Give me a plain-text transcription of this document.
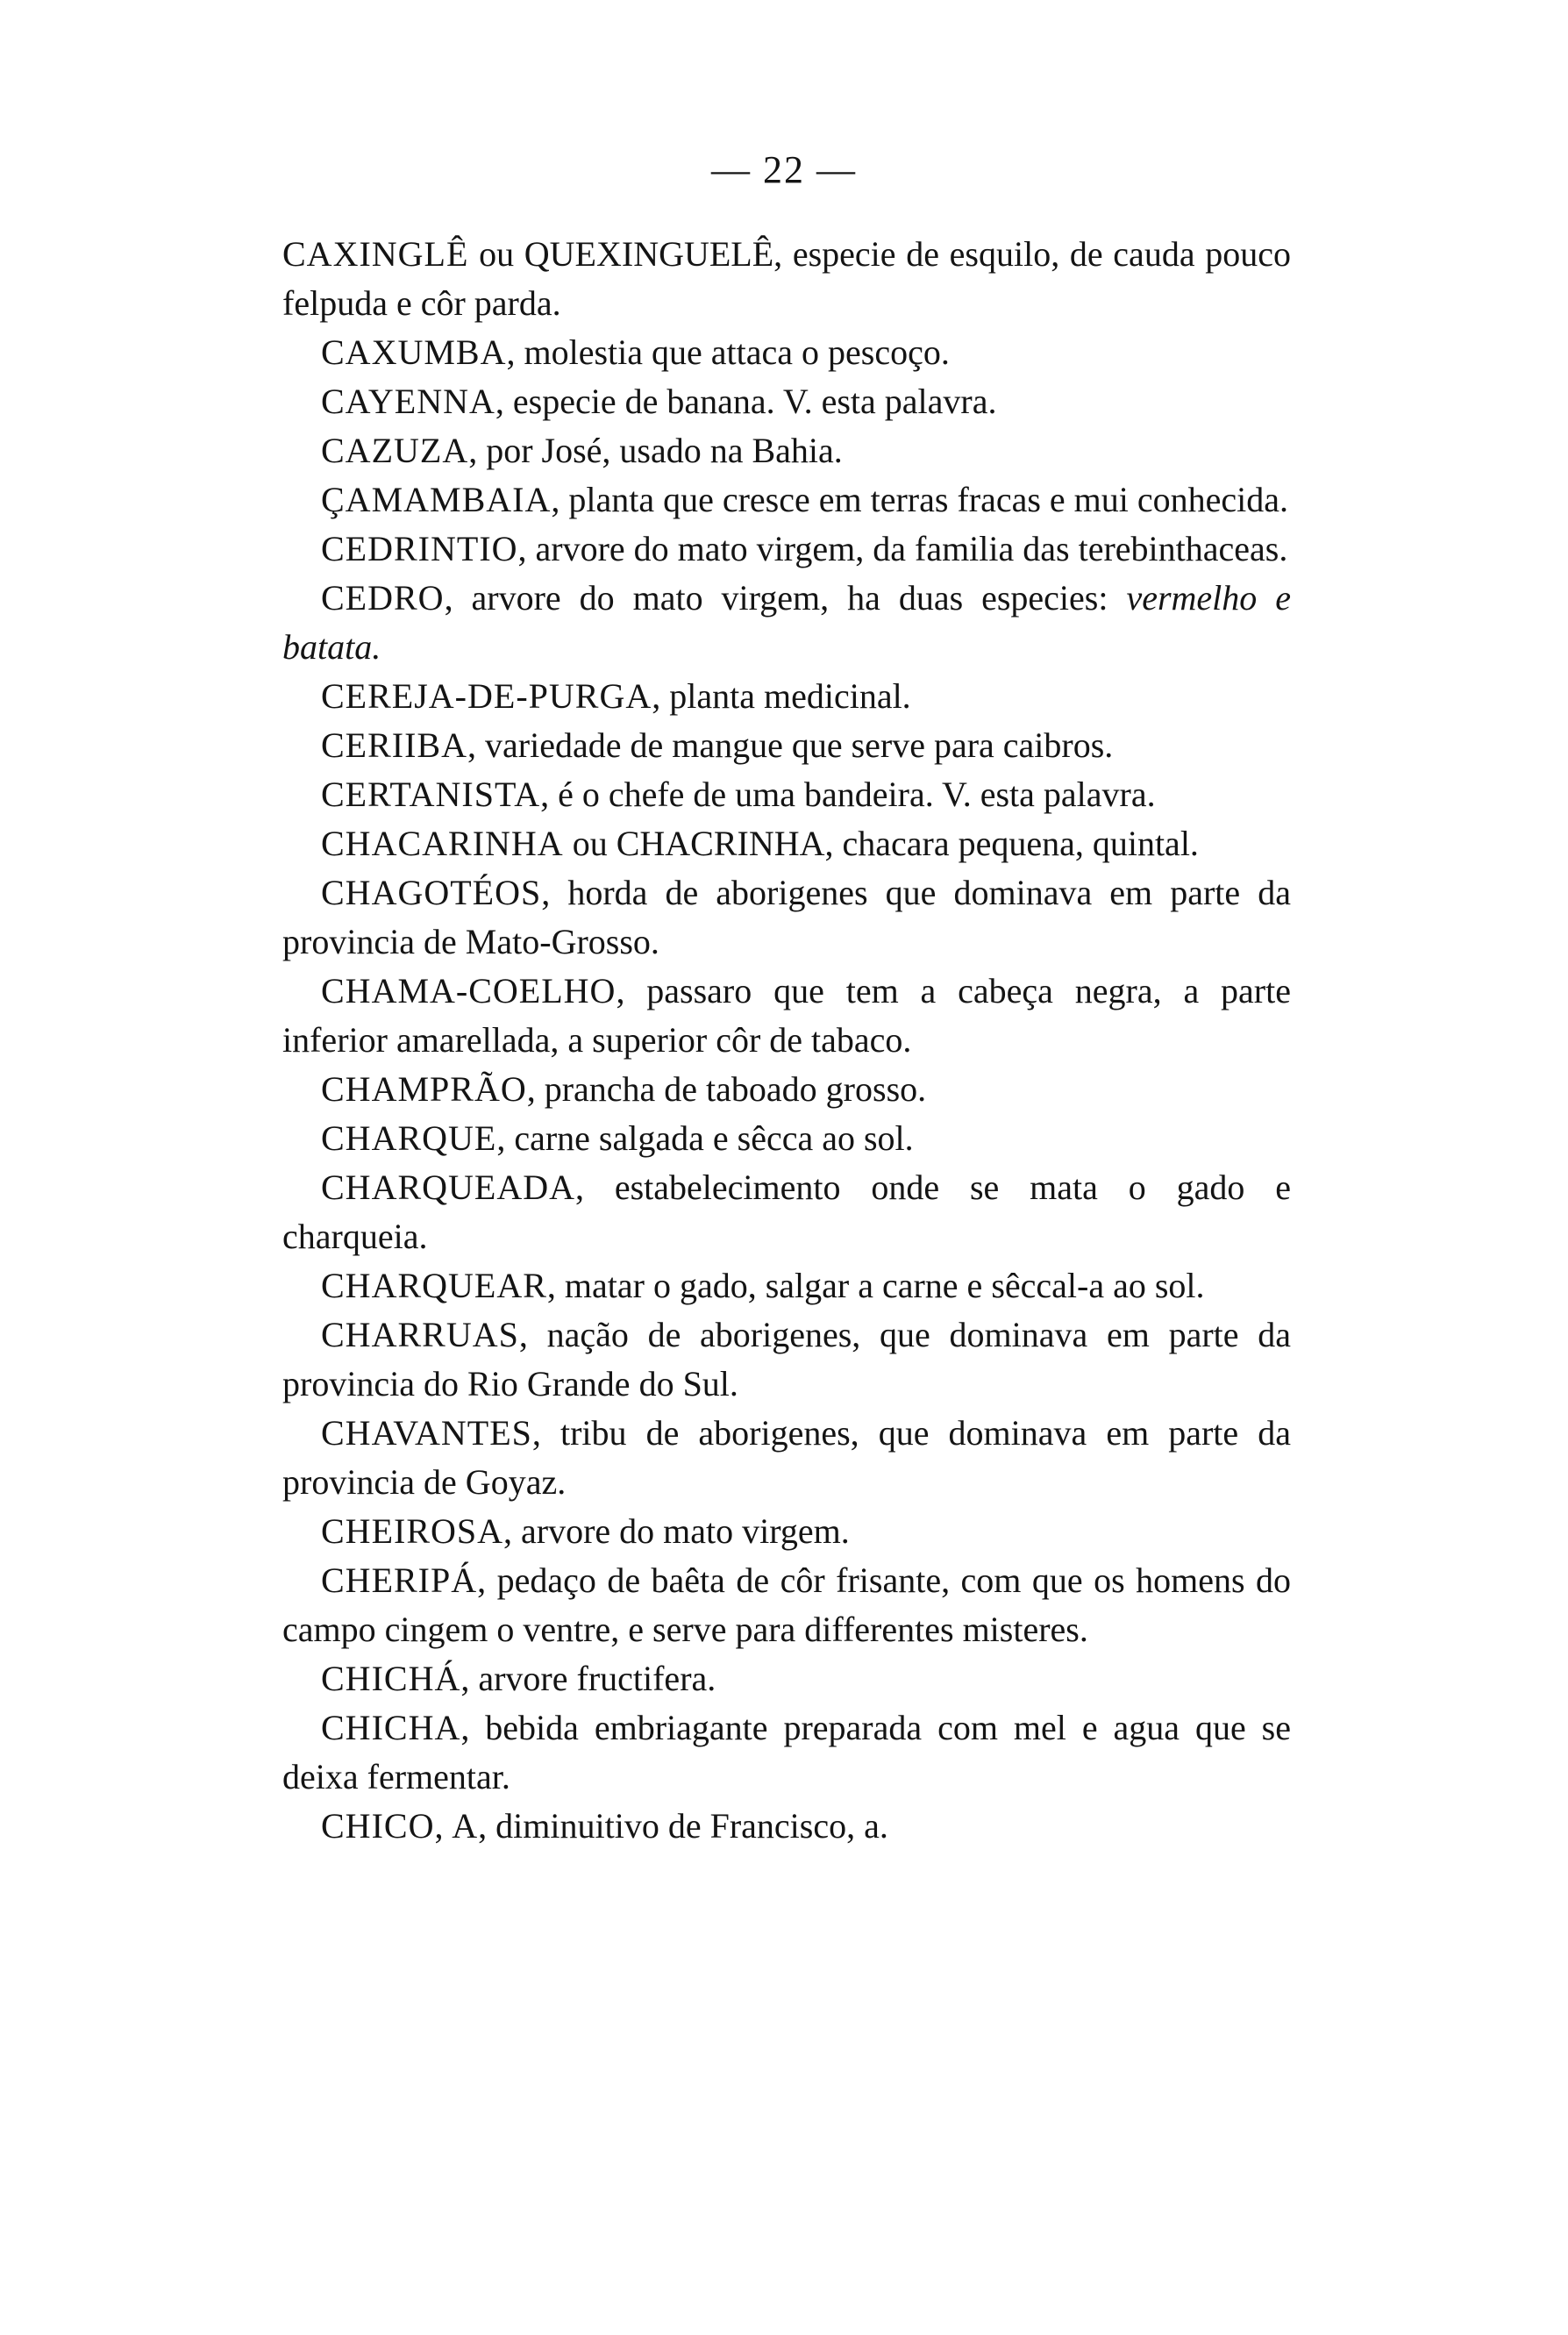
— 22 —

CAXINGLÊ ou QUEXINGUELÊ, especie de esquilo, de cauda pouco felpuda e côr parda.

CAXUMBA, molestia que attaca o pescoço.

CAYENNA, especie de banana. V. esta palavra.

CAZUZA, por José, usado na Bahia.

ÇAMAMBAIA, planta que cresce em terras fracas e mui conhecida.

CEDRINTIO, arvore do mato virgem, da familia das terebinthaceas.

CEDRO, arvore do mato virgem, ha duas especies: vermelho e batata.

CEREJA-DE-PURGA, planta medicinal.

CERIIBA, variedade de mangue que serve para caibros.

CERTANISTA, é o chefe de uma bandeira. V. esta palavra.

CHACARINHA ou CHACRINHA, chacara pequena, quintal.

CHAGOTÉOS, horda de aborigenes que dominava em parte da provincia de Mato-Grosso.

CHAMA-COELHO, passaro que tem a cabeça negra, a parte inferior amarellada, a superior côr de tabaco.

CHAMPRÃO, prancha de taboado grosso.

CHARQUE, carne salgada e sêcca ao sol.

CHARQUEADA, estabelecimento onde se mata o gado e charqueia.

CHARQUEAR, matar o gado, salgar a carne e sêccal-a ao sol.

CHARRUAS, nação de aborigenes, que dominava em parte da provincia do Rio Grande do Sul.

CHAVANTES, tribu de aborigenes, que dominava em parte da provincia de Goyaz.

CHEIROSA, arvore do mato virgem.

CHERIPÁ, pedaço de baêta de côr frisante, com que os homens do campo cingem o ventre, e serve para differentes misteres.

CHICHÁ, arvore fructifera.

CHICHA, bebida embriagante preparada com mel e agua que se deixa fermentar.

CHICO, A, diminuitivo de Francisco, a.
